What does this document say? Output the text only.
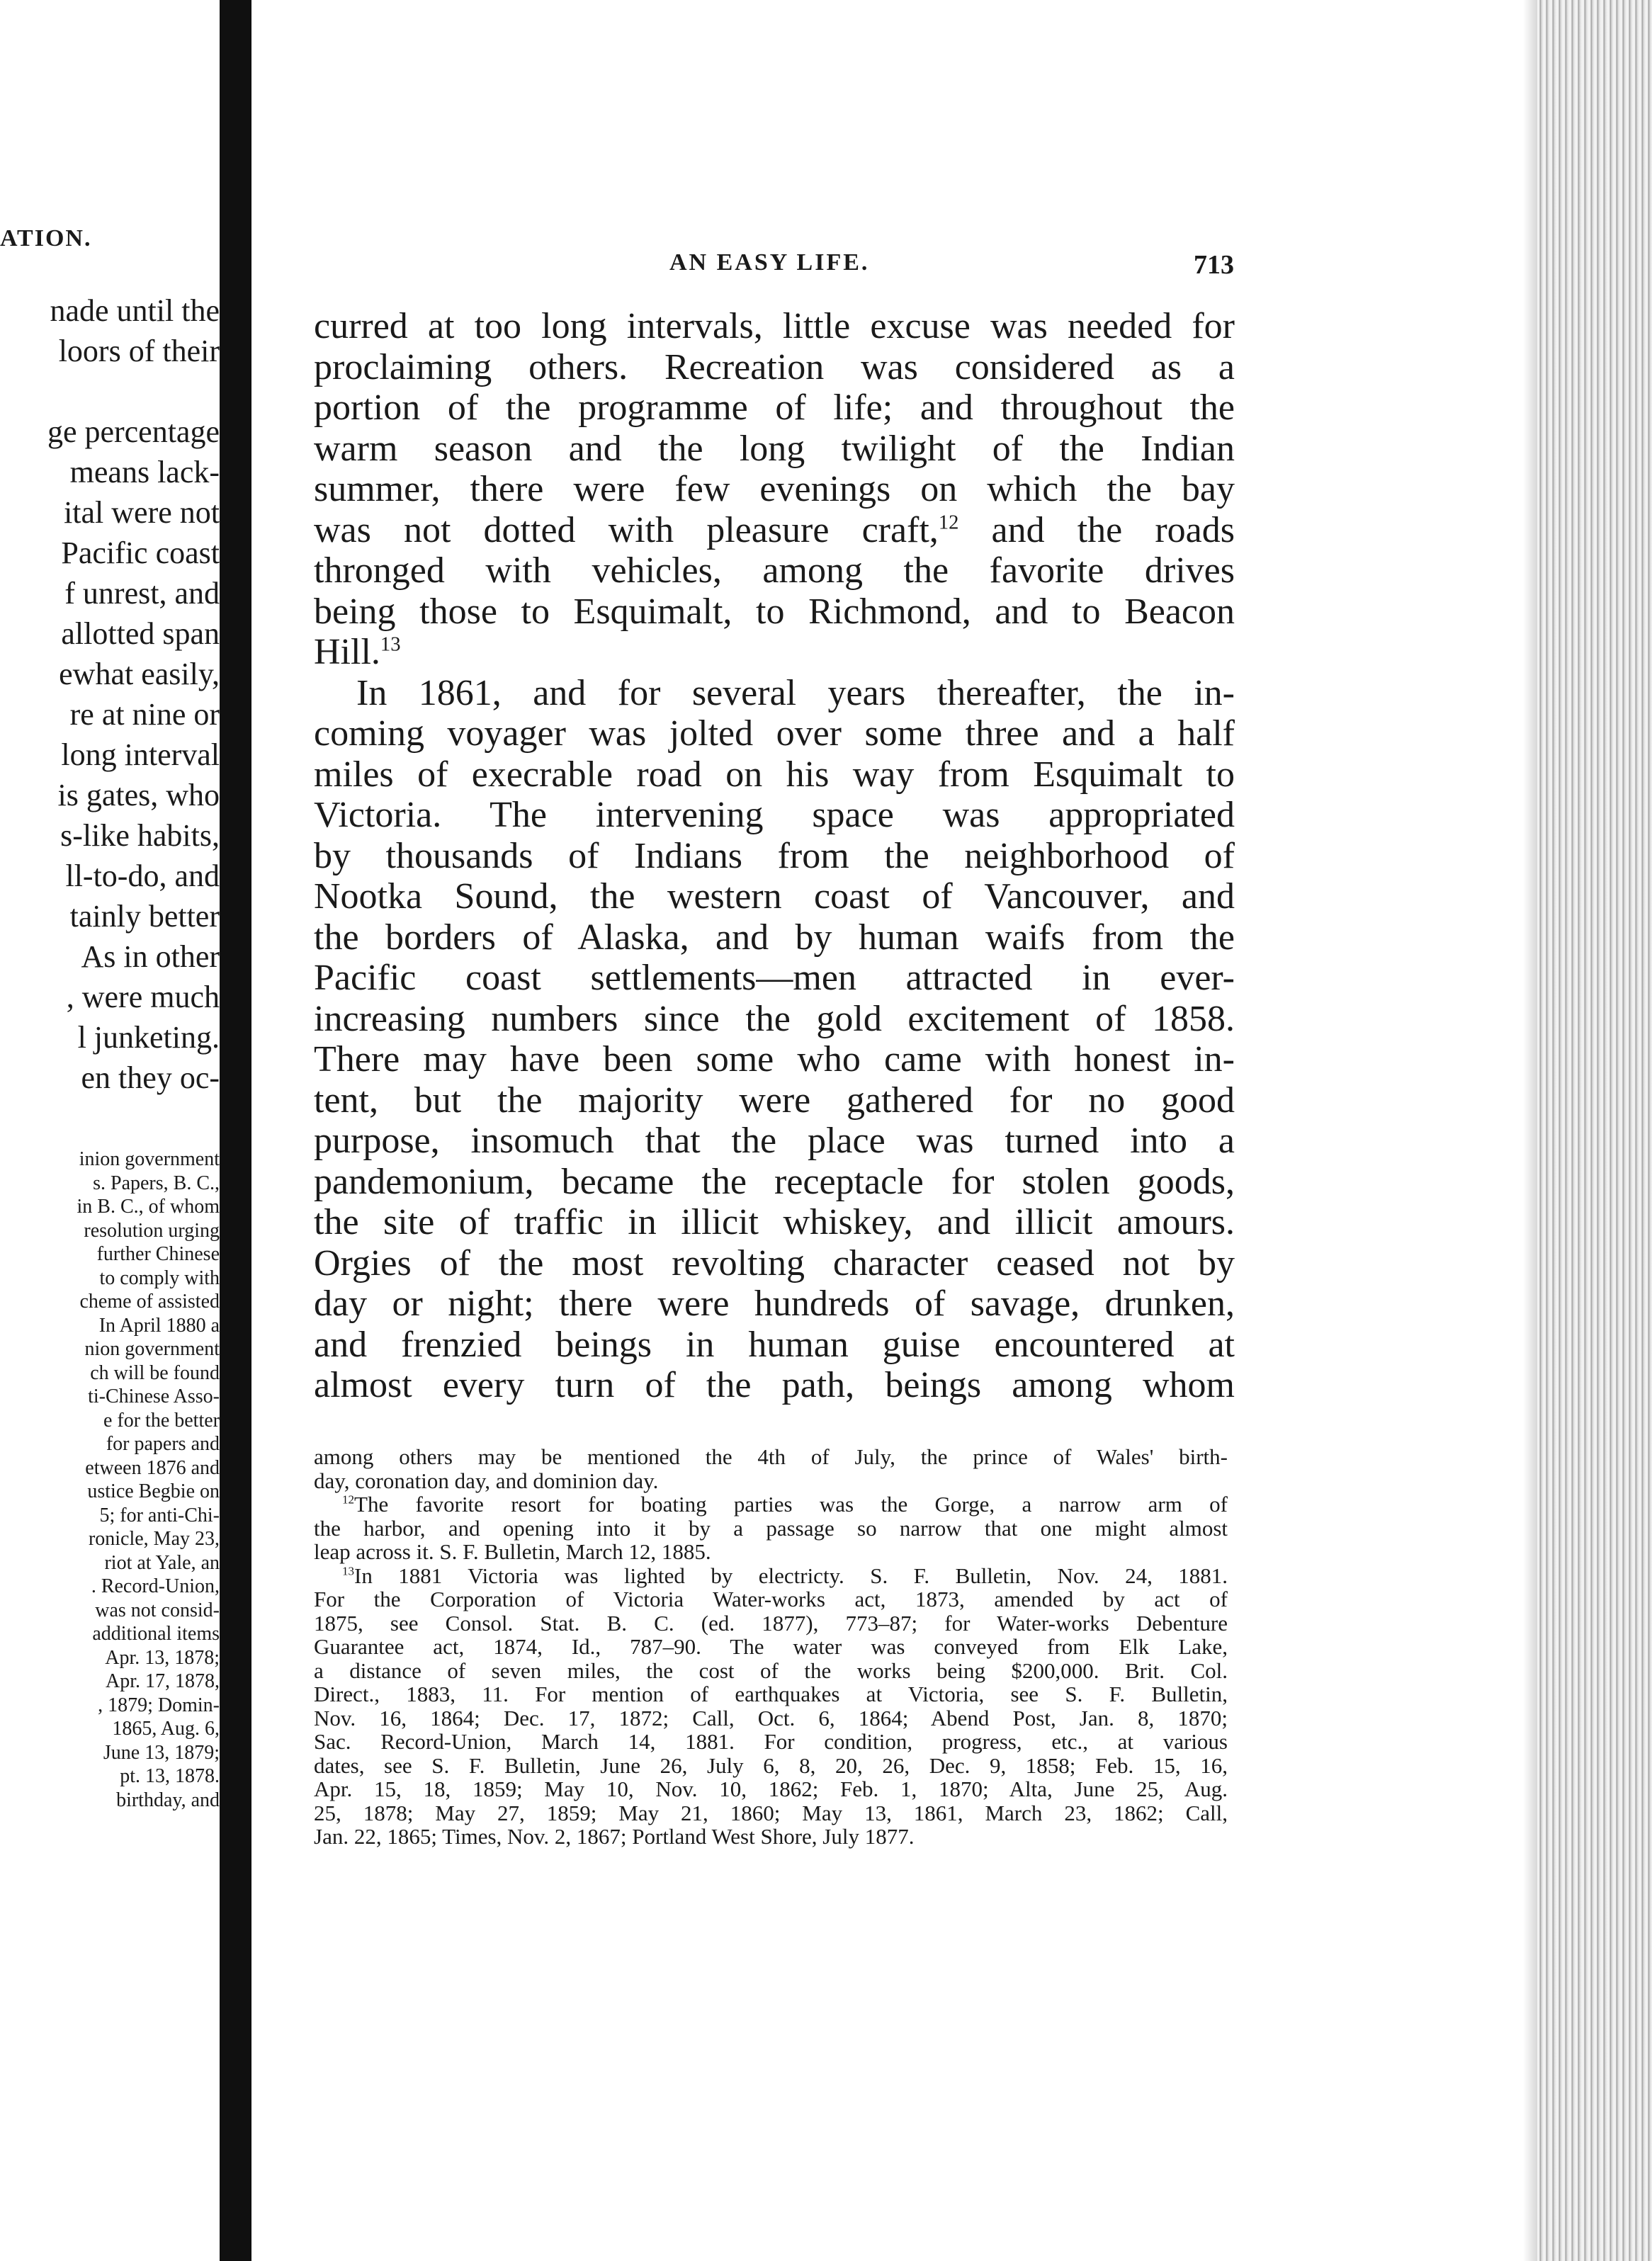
ATION.
nade until the
loors of their

ge percentage
means lack-
ital were not
Pacific coast
f unrest, and
allotted span
ewhat easily,
re at nine or
long interval
is gates, who
s-like habits,
ll-to-do, and
tainly better
As in other
, were much
l junketing.
en they oc-
inion government
s. Papers, B. C.,
in B. C., of whom
resolution urging
further Chinese
to comply with
cheme of assisted
In April 1880 a
nion government
ch will be found
ti-Chinese Asso-
e for the better
for papers and
etween 1876 and
ustice Begbie on
5; for anti-Chi-
ronicle, May 23,
riot at Yale, an
. Record-Union,
was not consid-
additional items
Apr. 13, 1878;
Apr. 17, 1878,
, 1879; Domin-
1865, Aug. 6,
June 13, 1879;
pt. 13, 1878.
birthday, and
AN EASY LIFE.	713
curred at too long intervals, little excuse was needed for
proclaiming others. Recreation was considered as a
portion of the programme of life; and throughout the
warm season and the long twilight of the Indian
summer, there were few evenings on which the bay
was not dotted with pleasure craft,$^{12}$ and the roads
thronged with vehicles, among the favorite drives
being those to Esquimalt, to Richmond, and to Beacon
Hill.$^{13}$
In 1861, and for several years thereafter, the in-
coming voyager was jolted over some three and a half
miles of execrable road on his way from Esquimalt to
Victoria. The intervening space was appropriated
by thousands of Indians from the neighborhood of
Nootka Sound, the western coast of Vancouver, and
the borders of Alaska, and by human waifs from the
Pacific coast settlements—men attracted in ever-
increasing numbers since the gold excitement of 1858.
There may have been some who came with honest in-
tent, but the majority were gathered for no good
purpose, insomuch that the place was turned into a
pandemonium, became the receptacle for stolen goods,
the site of traffic in illicit whiskey, and illicit amours.
Orgies of the most revolting character ceased not by
day or night; there were hundreds of savage, drunken,
and frenzied beings in human guise encountered at
almost every turn of the path, beings among whom
among others may be mentioned the 4th of July, the prince of Wales' birth-
day, coronation day, and dominion day.
$^{12}$The favorite resort for boating parties was the Gorge, a narrow arm of
the harbor, and opening into it by a passage so narrow that one might almost
leap across it. S. F. Bulletin, March 12, 1885.
$^{13}$In 1881 Victoria was lighted by electricty. S. F. Bulletin, Nov. 24, 1881.
For the Corporation of Victoria Water-works act, 1873, amended by act of
1875, see Consol. Stat. B. C. (ed. 1877), 773–87; for Water-works Debenture
Guarantee act, 1874, Id., 787–90. The water was conveyed from Elk Lake,
a distance of seven miles, the cost of the works being $200,000. Brit. Col.
Direct., 1883, 11. For mention of earthquakes at Victoria, see S. F. Bulletin,
Nov. 16, 1864; Dec. 17, 1872; Call, Oct. 6, 1864; Abend Post, Jan. 8, 1870;
Sac. Record-Union, March 14, 1881. For condition, progress, etc., at various
dates, see S. F. Bulletin, June 26, July 6, 8, 20, 26, Dec. 9, 1858; Feb. 15, 16,
Apr. 15, 18, 1859; May 10, Nov. 10, 1862; Feb. 1, 1870; Alta, June 25, Aug.
25, 1878; May 27, 1859; May 21, 1860; May 13, 1861, March 23, 1862; Call,
Jan. 22, 1865; Times, Nov. 2, 1867; Portland West Shore, July 1877.
